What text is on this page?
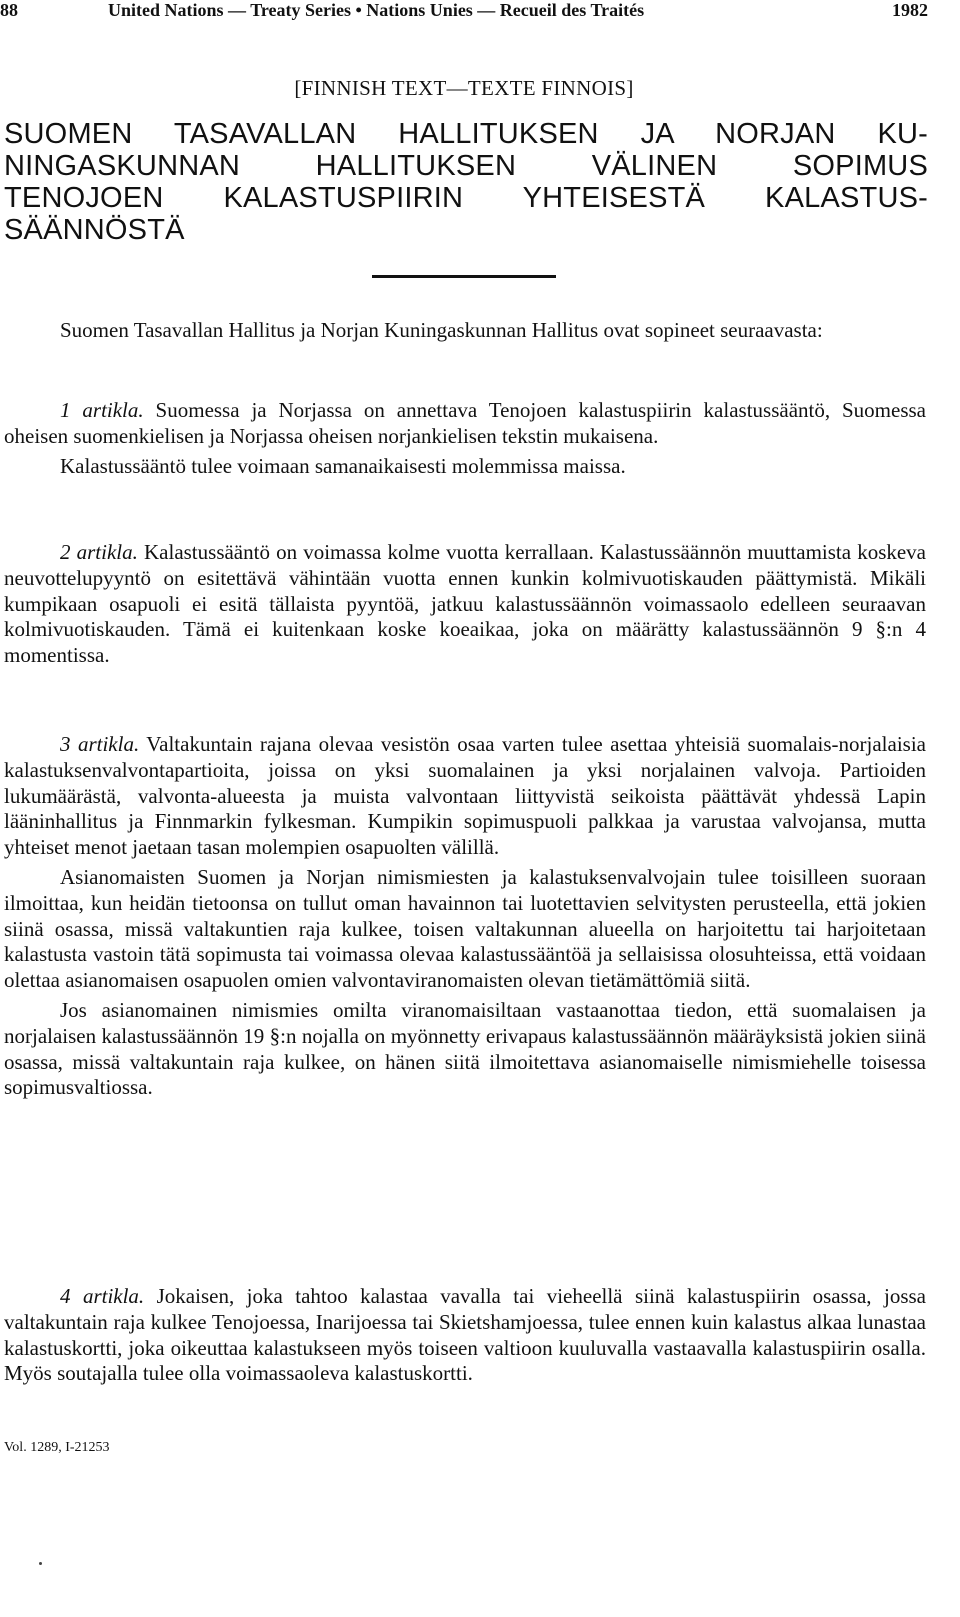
88	United Nations — Treaty Series • Nations Unies — Recueil des Traités	1982
[FINNISH TEXT—TEXTE FINNOIS]
SUOMEN TASAVALLAN HALLITUKSEN JA NORJAN KU-
NINGASKUNNAN HALLITUKSEN VÄLINEN SOPIMUS
TENOJOEN KALASTUSPIIRIN YHTEISESTÄ KALASTUS-
SÄÄNNÖSTÄ

Suomen Tasavallan Hallitus ja Norjan Kuningaskunnan Hallitus ovat sopineet seuraavasta:

1 artikla. Suomessa ja Norjassa on annettava Tenojoen kalastuspiirin kalastussääntö, Suomessa oheisen suomenkielisen ja Norjassa oheisen norjankielisen tekstin mukaisena.

Kalastussääntö tulee voimaan samanaikaisesti molemmissa maissa.

2 artikla. Kalastussääntö on voimassa kolme vuotta kerrallaan. Kalastussäännön muuttamista koskeva neuvottelupyyntö on esitettävä vähintään vuotta ennen kunkin kolmivuotiskauden päättymistä. Mikäli kumpikaan osapuoli ei esitä tällaista pyyntöä, jatkuu kalastussäännön voimassaolo edelleen seuraavan kolmivuotiskauden. Tämä ei kuitenkaan koske koeaikaa, joka on määrätty kalastussäännön 9 §:n 4 momentissa.

3 artikla. Valtakuntain rajana olevaa vesistön osaa varten tulee asettaa yhteisiä suomalais-norjalaisia kalastuksenvalvontapartioita, joissa on yksi suomalainen ja yksi norjalainen valvoja. Partioiden lukumäärästä, valvonta-alueesta ja muista valvontaan liittyvistä seikoista päättävät yhdessä Lapin lääninhallitus ja Finnmarkin fylkesman. Kumpikin sopimuspuoli palkkaa ja varustaa valvojansa, mutta yhteiset menot jaetaan tasan molempien osapuolten välillä.

Asianomaisten Suomen ja Norjan nimismiesten ja kalastuksenvalvojain tulee toisilleen suoraan ilmoittaa, kun heidän tietoonsa on tullut oman havainnon tai luotettavien selvitysten perusteella, että jokien siinä osassa, missä valtakuntien raja kulkee, toisen valtakunnan alueella on harjoitettu tai harjoitetaan kalastusta vastoin tätä sopimusta tai voimassa olevaa kalastussääntöä ja sellaisissa olosuhteissa, että voidaan olettaa asianomaisen osapuolen omien valvontaviranomaisten olevan tietämättömiä siitä.

Jos asianomainen nimismies omilta viranomaisiltaan vastaanottaa tiedon, että suomalaisen ja norjalaisen kalastussäännön 19 §:n nojalla on myönnetty erivapaus kalastussäännön määräyksistä jokien siinä osassa, missä valtakuntain raja kulkee, on hänen siitä ilmoitettava asianomaiselle nimismiehelle toisessa sopimusvaltiossa.

4 artikla. Jokaisen, joka tahtoo kalastaa vavalla tai vieheellä siinä kalastuspiirin osassa, jossa valtakuntain raja kulkee Tenojoessa, Inarijoessa tai Skietshamjoessa, tulee ennen kuin kalastus alkaa lunastaa kalastuskortti, joka oikeuttaa kalastukseen myös toiseen valtioon kuuluvalla vastaavalla kalastuspiirin osalla. Myös soutajalla tulee olla voimassaoleva kalastuskortti.

Vol. 1289, I-21253
